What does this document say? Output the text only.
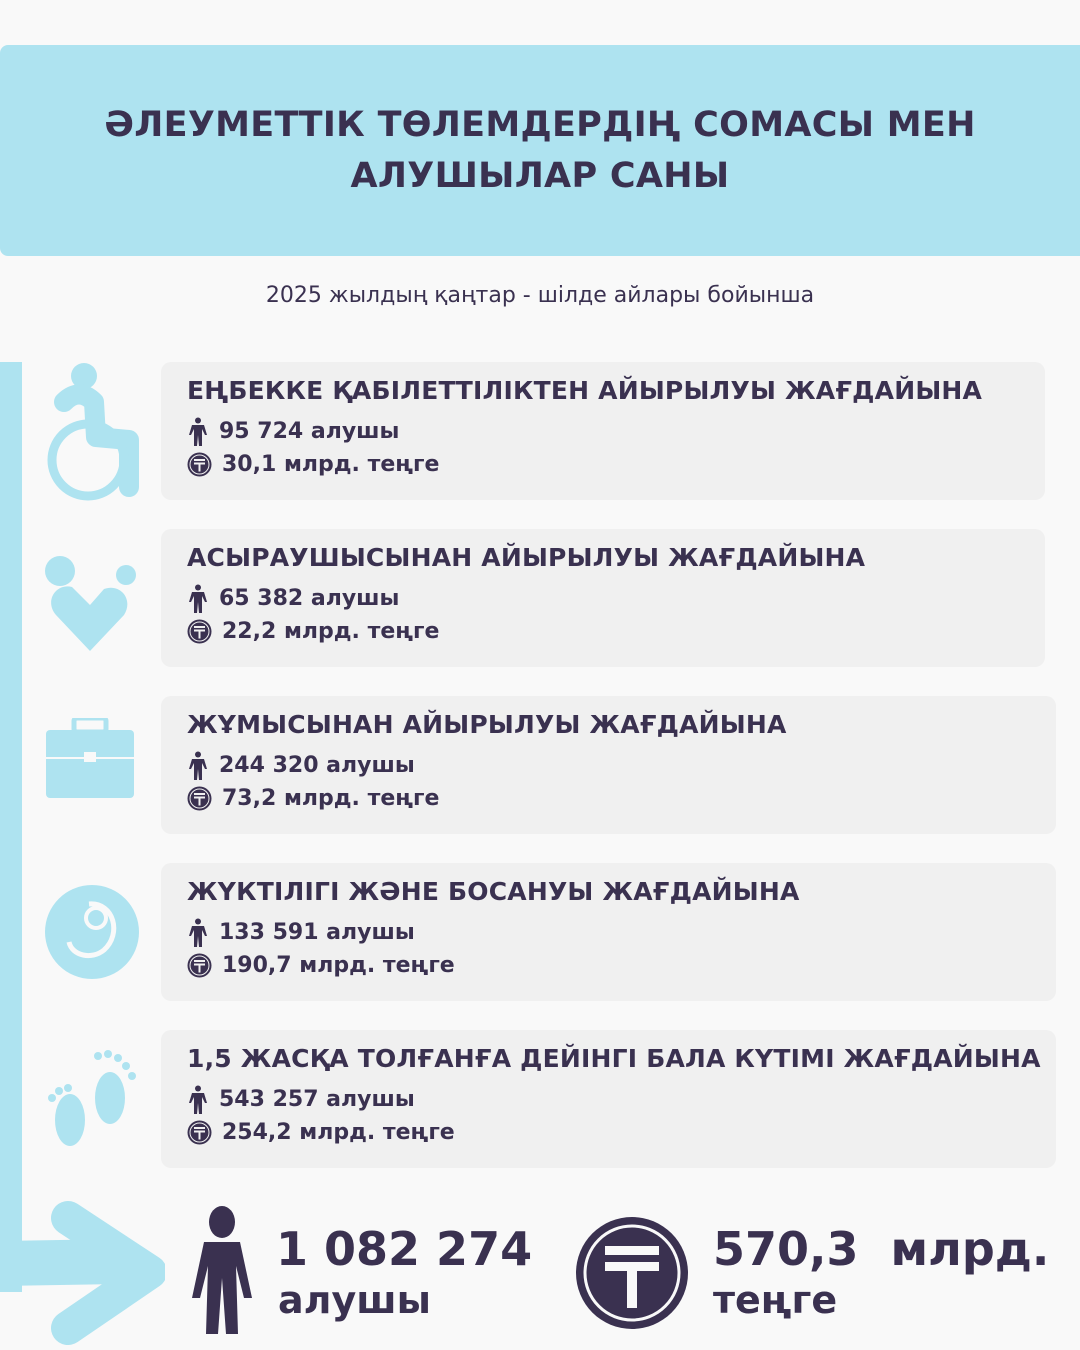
ӘЛЕУМЕТТІК ТӨЛЕМДЕРДІҢ СОМАСЫ МЕН
АЛУШЫЛАР САНЫ
2025 жылдың қаңтар - шілде айлары бойынша
ЕҢБЕККЕ ҚАБІЛЕТТІЛІКТЕН АЙЫРЫЛУЫ ЖАҒДАЙЫНА
95 724 алушы
30,1 млрд. теңге
АСЫРАУШЫСЫНАН АЙЫРЫЛУЫ ЖАҒДАЙЫНА
65 382 алушы
22,2 млрд. теңге
ЖҰМЫСЫНАН АЙЫРЫЛУЫ ЖАҒДАЙЫНА
244 320 алушы
73,2 млрд. теңге
ЖҮКТІЛІГІ ЖӘНЕ БОСАНУЫ ЖАҒДАЙЫНА
133 591 алушы
190,7 млрд. теңге
1,5 ЖАСҚА ТОЛҒАНҒА ДЕЙІНГІ БАЛА КҮТІМІ ЖАҒДАЙЫНА
543 257 алушы
254,2 млрд. теңге
1 082 274
алушы
570,3  млрд.
теңге
